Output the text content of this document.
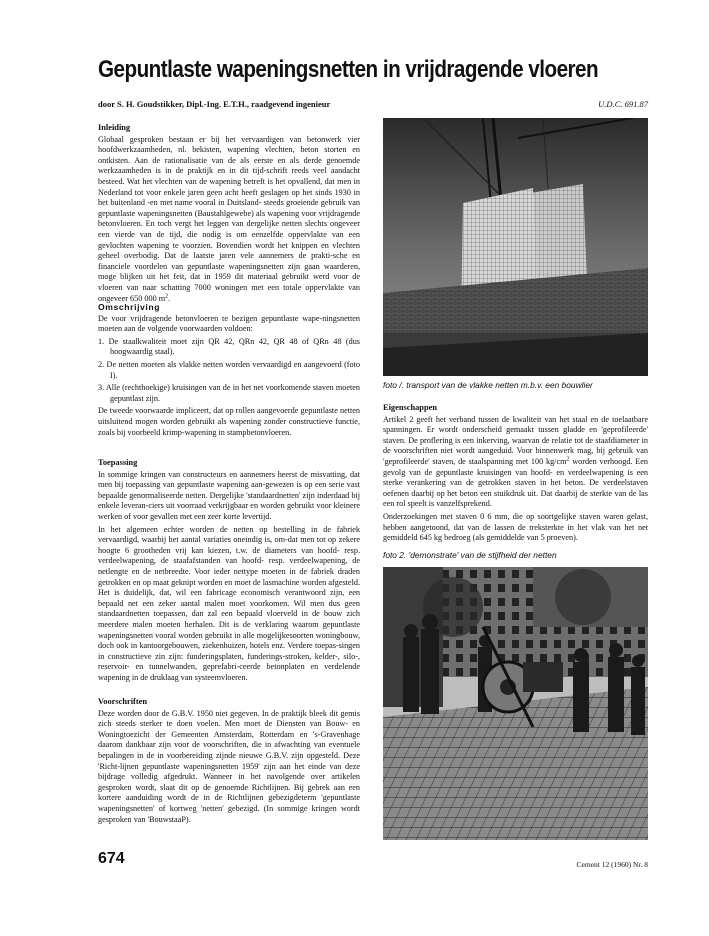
Gepuntlaste wapeningsnetten in vrijdragende vloeren
door S. H. Goudstikker, Dipl.-Ing. E.T.H., raadgevend ingenieur	U.D.C. 691.87
Inleiding

Globaal gesproken bestaan er bij het vervaardigen van betonwerk vier hoofdwerkzaamheden, nl. bekisten, wapening vlechten, beton storten en ontkisten. Aan de rationalisatie van de als eerste en als derde genoemde werkzaamheden is in de praktijk en in dit tijd-schrift reeds veel aandacht besteed. Wat het vlechten van de wapening betreft is het opvallend, dat men in Nederland tot voor enkele jaren geen acht heeft geslagen op het sinds 1930 in het buitenland -en met name vooral in Duitsland- steeds groeiende gebruik van gepuntlaste wapeningsnetten (Baustahlgewebe) als wapening voor vrijdragende betonvloeren. En toch vergt het leggen van dergelijke netten slechts ongeveer een vierde van de tijd, die nodig is om eenzelfde oppervlakte van een gevlochten wapening te voorzien. Bovendien wordt het knippen en vlechten geheel overbodig. Dat de laatste jaren vele aannemers de prakti-sche en financiele voordelen van gepuntlaste wapeningsnetten zijn gaan waarderen, moge blijken uit het feit, dat in 1959 dit materiaal gebruikt werd voor de vloeren van naar schatting 7000 woningen met een totale oppervlakte van ongeveer 650 000 $m^2$.

Omschrijving

De voor vrijdragende betonvloeren te bezigen gepuntlaste wape-ningsnetten moeten aan de volgende voorwaarden voldoen:

1. De staalkwaliteit moet zijn QR 42, QRn 42, QR 48 of QRn 48 (dus hoogwaardig staal).
2. De netten moeten als vlakke netten worden vervaardigd en aangevoerd (foto I).
3. Alle (rechthoekige) kruisingen van de in het net voorkomende staven moeten gepuntlast zijn.

De tweede voorwaarde impliceert, dat op rollen aangevoerde gepuntlaste netten uitsluitend mogen worden gebruikt als wapening zonder constructieve functie, zoals bij voorbeeld krimp-wapening in stampbetonvloeren.

Toepassing

In sommige kringen van constructeurs en aannemers heerst de misvatting, dat men bij toepassing van gepuntlaste wapening aan-gewezen is op een serie vast bepaalde genormaliseerde netten. Dergelijke 'standaardnetten' zijn inderdaad bij enkele leveran-ciers uit voorraad verkrijgbaar en worden gebruikt voor kleinere werken of voor gevallen met een zeer korte levertijd.

In het algemeen echter worden de netten op bestelling in de fabriek vervaardigd, waarbij het aantal variaties oneindig is, om-dat men tot op zekere hoogte 6 grootheden vrij kan kiezen, t.w. de diameters van hoofd- resp. verdeelwapening, de staafafstanden van hoofd- resp. verdeelwapening, de netlengte en de netbreedte. Voor ieder nettype moeten in de fabriek draden getrokken en op maat geknipt worden en moet de lasmachine worden afgesteld. Het is duidelijk, dat, wil een fabricage economisch verantwoord zijn, een bepaald net een zeker aantal malen moet voorkomen. Wil men dus geen standaardnetten toepassen, dan zal een bepaald vloerveld in de bouw zich meerdere malen moeten herhalen. Dit is de verklaring waarom gepuntlaste wapeningsnetten vooral worden gebruikt in alle mogelijkesoorten woningbouw, doch ook in kantoorgebouwen, ziekenhuizen, hotels enz. Verdere toepas-singen in constructieve zin zijn: funderingsplaten, funderings-stroken, kelder-, silo-, reservoir- en tunnelwanden, geprefabri-ceerde betonplaten en verdelende wapening in de druklaag van systeemvloeren.

Voorschriften

Deze worden door de G.B.V. 1950 niet gegeven. In de praktijk bleek dit gemis zich steeds sterker te doen voelen. Men moet de Diensten van Bouw- en Woningtoezicht der Gemeenten Amsterdam, Rotterdam en 's-Gravenhage daarom dankbaar zijn voor de voorschriften, die in afwachting van eventuele bepalingen in de in voorbereiding zijnde nieuwe G.B.V. zijn opgesteld. Deze 'Richt-lijnen gepuntlaste wapeningsnetten 1959' zijn aan het einde van deze bijdrage volledig afgedrukt. Wanneer in het navolgende over artikelen gesproken wordt, slaat dit op de genoemde Richtlijnen. Bij gebrek aan een kortere aanduiding wordt de in de Richtlijnen gebezigdeterm 'gepuntlaste wapeningsnetten' of kortweg 'netten' gebezigd. (In sommige kringen wordt gesproken van 'BouwstaaP).

foto /. transport van de vlakke netten m.b.v. een bouwlier
Eigenschappen

Artikel 2 geeft het verband tussen de kwaliteit van het staal en de toelaatbare spanningen. Er wordt onderscheid gemaakt tussen gladde en 'geprofileerde' staven. De proflering is een inkerving, waarvan de relatie tot de staafdiameter in de voorschriften niet wordt aangeduid. Voor binnenwerk mag, bij gebruik van 'geprofileerde' staven, de staalspanning met 100 $kg/cm^2$ worden verhoogd. Een gevolg van de gepuntlaste kruisingen van hoofd- en verdeelwapening is een sterke verankering van de getrokken staven in het beton. De verdeelstaven oefenen daarbij op het beton een stuikdruk uit. Dat daarbij de sterkte van de las een rol speelt is vanzelfsprekend.

Onderzoekingen met staven 0 6 mm, die op soortgelijke staven waren gelast, hebben aangetoond, dat van de lassen de treksterkte in het vlak van het net gemiddeld 645 kg bedroeg (als gemiddelde van 5 proeven).

foto 2. 'demonstrate' van de stijfheid der netten
674	Cement 12 (1960) Nr. 8
